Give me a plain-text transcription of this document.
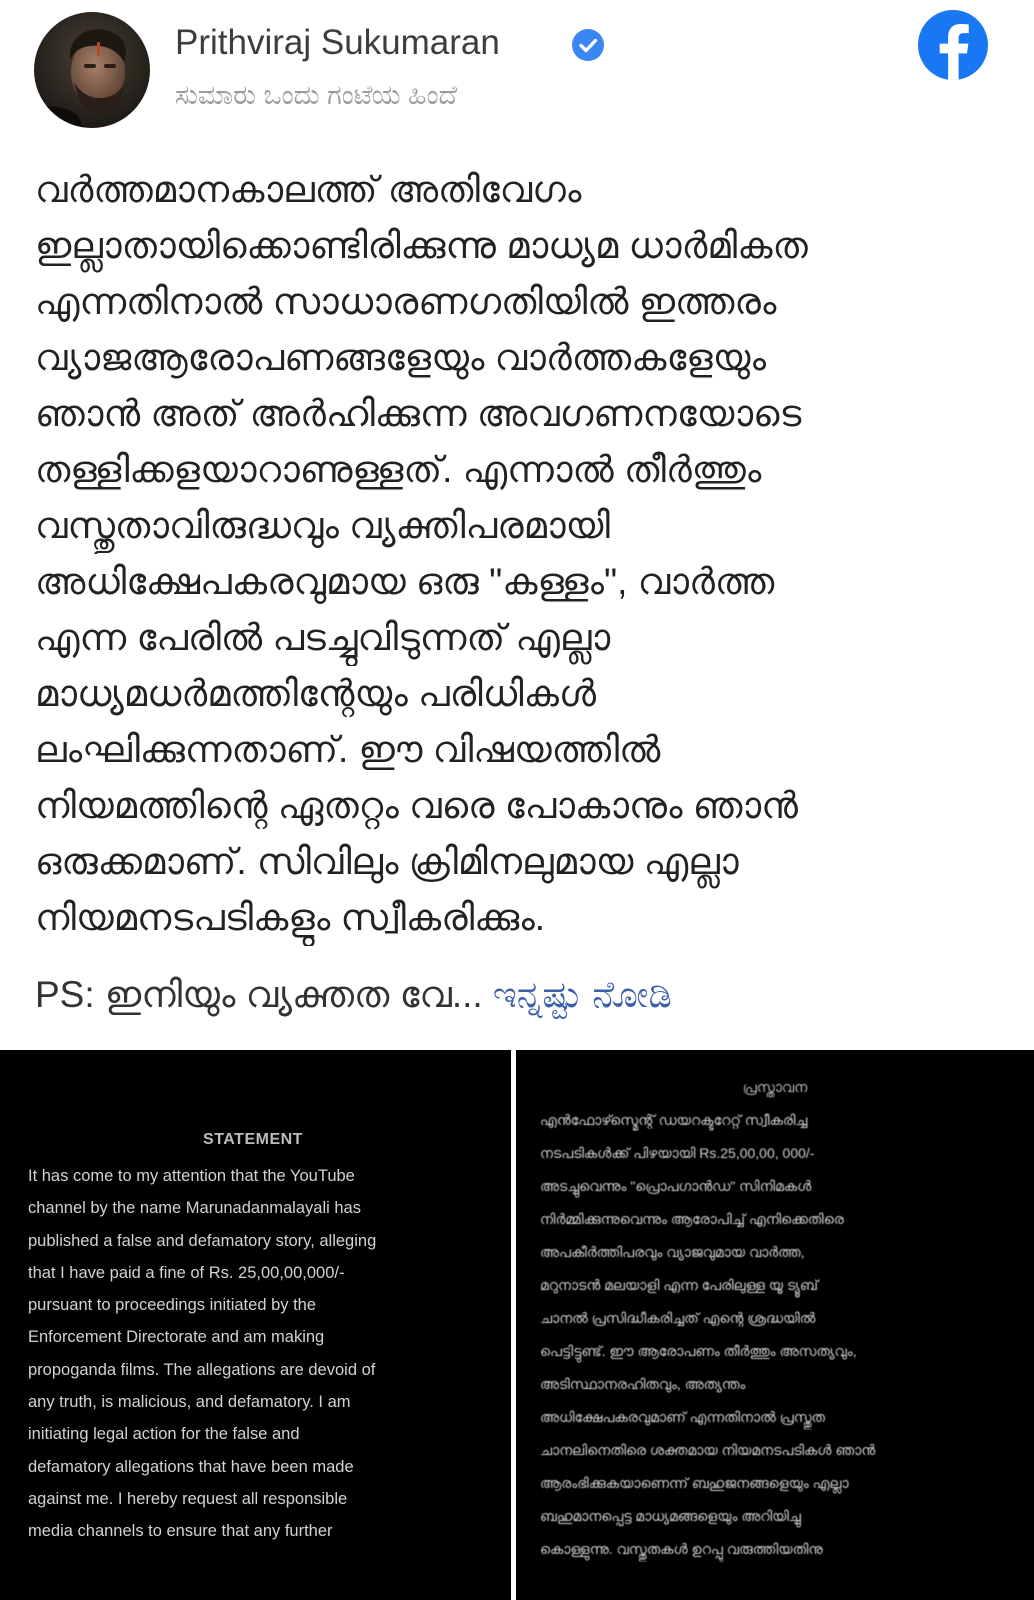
Prithviraj Sukumaran
ಸುಮಾರು ಒಂದು ಗಂಟೆಯ ಹಿಂದೆ
വർത്തമാനകാലത്ത് അതിവേഗം
ഇല്ലാതായിക്കൊണ്ടിരിക്കുന്നു മാധ്യമ ധാർമികത
എന്നതിനാൽ സാധാരണഗതിയിൽ ഇത്തരം
വ്യാജആരോപണങ്ങളേയും വാർത്തകളേയും
ഞാൻ അത് അർഹിക്കുന്ന അവഗണനയോടെ
തള്ളിക്കളയാറാണുള്ളത്. എന്നാൽ തീർത്തും
വസ്തുതാവിരുദ്ധവും വ്യക്തിപരമായി
അധിക്ഷേപകരവുമായ ഒരു "കള്ളം", വാർത്ത
എന്ന പേരിൽ പടച്ചുവിടുന്നത് എല്ലാ
മാധ്യമധർമത്തിന്റേയും പരിധികൾ
ലംഘിക്കുന്നതാണ്. ഈ വിഷയത്തിൽ
നിയമത്തിന്റെ ഏതറ്റം വരെ പോകാനും ഞാൻ
ഒരുക്കമാണ്. സിവിലും ക്രിമിനലുമായ എല്ലാ
നിയമനടപടികളും സ്വീകരിക്കും.
PS: ഇനിയും വ്യക്തത വേ... ಇನ್ನಷ್ಟು ನೋಡಿ
STATEMENT
It has come to my attention that the YouTube
channel by the name Marunadanmalayali has
published a false and defamatory story, alleging
that I have paid a fine of Rs. 25,00,00,000/-
pursuant to proceedings initiated by the
Enforcement Directorate and am making
propoganda films. The allegations are devoid of
any truth, is malicious, and defamatory. I am
initiating legal action for the false and
defamatory allegations that have been made
against me. I hereby request all responsible
media channels to ensure that any further
പ്രസ്താവന
എൻഫോഴ്സ്മെന്റ് ഡയറക്ടറേറ്റ് സ്വീകരിച്ച
നടപടികൾക്ക് പിഴയായി Rs.25,00,00, 000/-
അടച്ചുവെന്നും "പ്രൊപഗാൻഡ" സിനിമകൾ
നിർമ്മിക്കുന്നുവെന്നും ആരോപിച്ച് എനിക്കെതിരെ
അപകീർത്തിപരവും വ്യാജവുമായ വാർത്ത,
മറുനാടൻ മലയാളി എന്ന പേരിലുള്ള യൂ ട്യൂബ്
ചാനൽ പ്രസിദ്ധീകരിച്ചത് എന്റെ ശ്രദ്ധയിൽ
പെട്ടിട്ടുണ്ട്. ഈ ആരോപണം തീർത്തും അസത്യവും,
അടിസ്ഥാനരഹിതവും, അത്യന്തം
അധിക്ഷേപകരവുമാണ് എന്നതിനാൽ പ്രസ്തുത
ചാനലിനെതിരെ ശക്തമായ നിയമനടപടികൾ ഞാൻ
ആരംഭിക്കുകയാണെന്ന് ബഹുജനങ്ങളെയും എല്ലാ
ബഹുമാനപ്പെട്ട മാധ്യമങ്ങളെയും അറിയിച്ചു
കൊള്ളുന്നു. വസ്തുതകൾ ഉറപ്പു വരുത്തിയതിനു
